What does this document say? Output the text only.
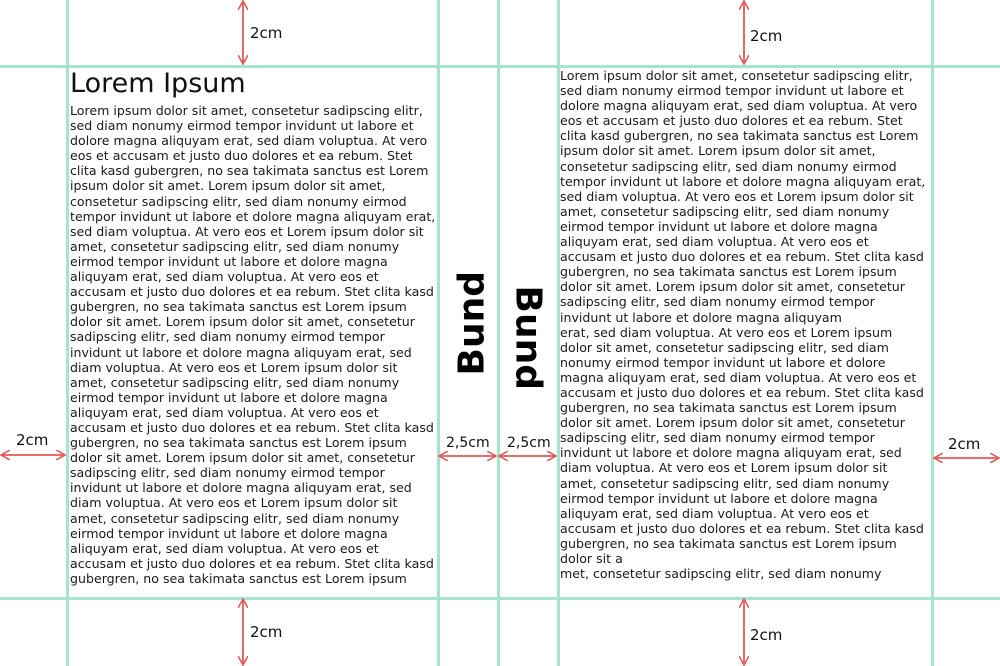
Lorem Ipsum
Lorem ipsum dolor sit amet, consetetur sadipscing elitr, sed diam nonumy eirmod tempor invidunt ut labore et dolore magna aliquyam erat, sed diam voluptua. At vero eos et accusam et justo duo dolores et ea rebum. Stet clita kasd gubergren, no sea takimata sanctus est Lorem ipsum dolor sit amet. Lorem ipsum dolor sit amet, consetetur sadipscing elitr, sed diam nonumy eirmod tempor invidunt ut labore et dolore magna aliquyam erat, sed diam voluptua. At vero eos et Lorem ipsum dolor sit amet, consetetur sadipscing elitr, sed diam nonumy eirmod tempor invidunt ut labore et dolore magna aliquyam erat, sed diam voluptua. At vero eos et accusam et justo duo dolores et ea rebum. Stet clita kasd gubergren, no sea takimata sanctus est Lorem ipsum dolor sit amet. Lorem ipsum dolor sit amet, consetetur sadipscing elitr, sed diam nonumy eirmod tempor invidunt ut labore et dolore magna aliquyam erat, sed diam voluptua. At vero eos et Lorem ipsum dolor sit amet, consetetur sadipscing elitr, sed diam nonumy eirmod tempor invidunt ut labore et dolore magna aliquyam erat, sed diam voluptua. At vero eos et accusam et justo duo dolores et ea rebum. Stet clita kasd gubergren, no sea takimata sanctus est Lorem ipsum dolor sit amet. Lorem ipsum dolor sit amet, consetetur sadipscing elitr, sed diam nonumy eirmod tempor invidunt ut labore et dolore magna aliquyam erat, sed diam voluptua. At vero eos et Lorem ipsum dolor sit amet, consetetur sadipscing elitr, sed diam nonumy eirmod tempor invidunt ut labore et dolore magna aliquyam erat, sed diam voluptua. At vero eos et accusam et justo duo dolores et ea rebum. Stet clita kasd gubergren, no sea takimata sanctus est Lorem ipsum
Lorem ipsum dolor sit amet, consetetur sadipscing elitr, sed diam nonumy eirmod tempor invidunt ut labore et dolore magna aliquyam erat, sed diam voluptua. At vero eos et accusam et justo duo dolores et ea rebum. Stet clita kasd gubergren, no sea takimata sanctus est Lorem ipsum dolor sit amet. Lorem ipsum dolor sit amet, consetetur sadipscing elitr, sed diam nonumy eirmod tempor invidunt ut labore et dolore magna aliquyam erat, sed diam voluptua. At vero eos et Lorem ipsum dolor sit amet, consetetur sadipscing elitr, sed diam nonumy eirmod tempor invidunt ut labore et dolore magna aliquyam erat, sed diam voluptua. At vero eos et accusam et justo duo dolores et ea rebum. Stet clita kasd gubergren, no sea takimata sanctus est Lorem ipsum dolor sit amet. Lorem ipsum dolor sit amet, consetetur sadipscing elitr, sed diam nonumy eirmod tempor invidunt ut labore et dolore magna aliquyam
erat, sed diam voluptua. At vero eos et Lorem ipsum dolor sit amet, consetetur sadipscing elitr, sed diam nonumy eirmod tempor invidunt ut labore et dolore magna aliquyam erat, sed diam voluptua. At vero eos et accusam et justo duo dolores et ea rebum. Stet clita kasd gubergren, no sea takimata sanctus est Lorem ipsum dolor sit amet. Lorem ipsum dolor sit amet, consetetur sadipscing elitr, sed diam nonumy eirmod tempor invidunt ut labore et dolore magna aliquyam erat, sed diam voluptua. At vero eos et Lorem ipsum dolor sit amet, consetetur sadipscing elitr, sed diam nonumy eirmod tempor invidunt ut labore et dolore magna aliquyam erat, sed diam voluptua. At vero eos et accusam et justo duo dolores et ea rebum. Stet clita kasd gubergren, no sea takimata sanctus est Lorem ipsum dolor sit a
met, consetetur sadipscing elitr, sed diam nonumy
Bund Bund
2cm	2cm
2cm	2cm
2cm	2cm
2,5cm 2,5cm
